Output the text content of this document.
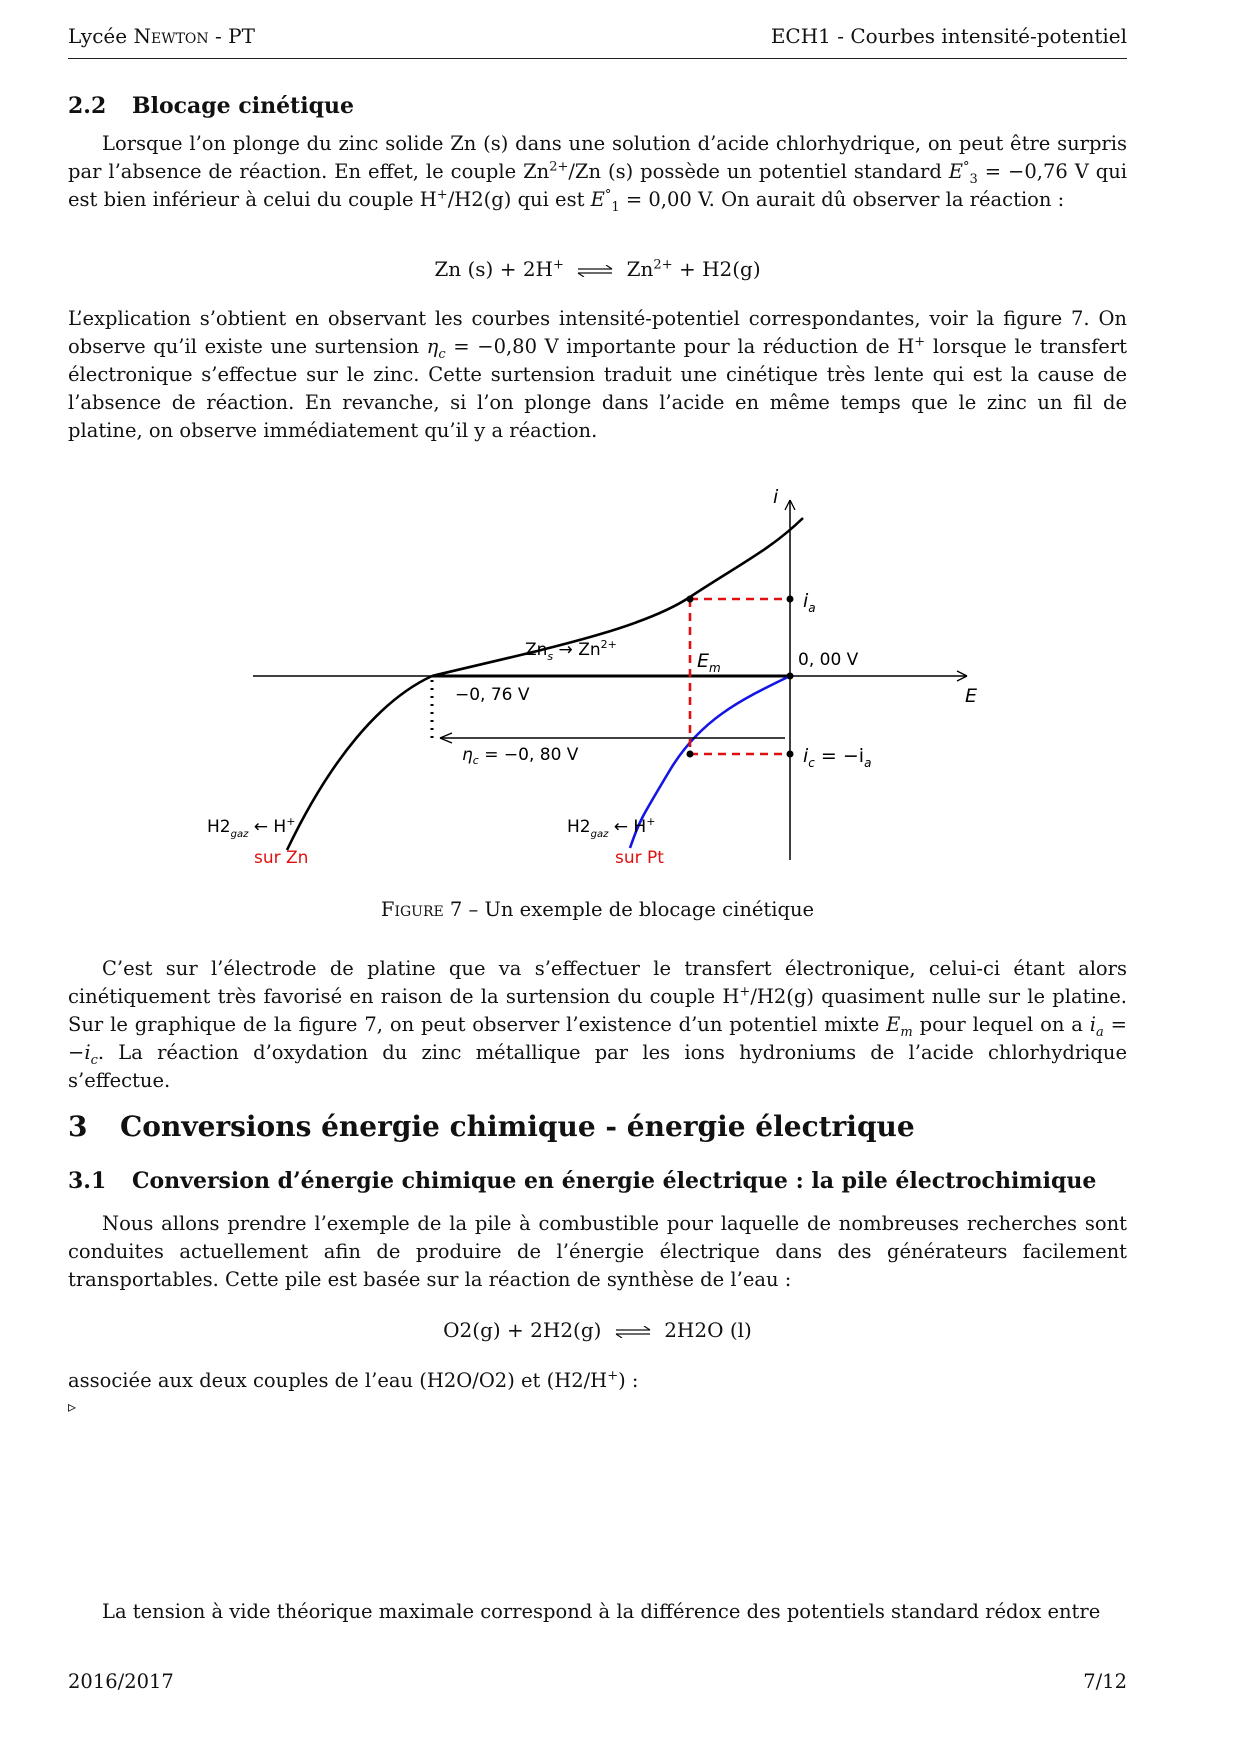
Lycée Newton - PT	ECH1 - Courbes intensité-potentiel
2.2 Blocage cinétique
Lorsque l’on plonge du zinc solide Zn (s) dans une solution d’acide chlorhydrique, on peut être surpris par l’absence de réaction. En effet, le couple $Zn^{2+}/Zn$ (s) possède un potentiel standard $E^\circ_3 = -0,76$ V qui est bien inférieur à celui du couple H+/H2(g) qui est $E^\circ_1 = 0,00$ V. On aurait dû observer la réaction :
Zn (s) + 2H+ ⇌ $Zn^{2+} + H2(g)$
L’explication s’obtient en observant les courbes intensité-potentiel correspondantes, voir la figure 7. On observe qu’il existe une surtension $\eta_c = -0,80$ V importante pour la réduction de H+ lorsque le transfert électronique s’effectue sur le zinc. Cette surtension traduit une cinétique très lente qui est la cause de l’absence de réaction. En revanche, si l’on plonge dans l’acide en même temps que le zinc un fil de platine, on observe immédiatement qu’il y a réaction.
i
E
$i_a$
0, 00 V
$E_m$
−0, 76 V
$\eta_c = -0$, 80 V	$i_c = -i_a$
$Zn_s \to Zn^{2+}$
$H2_{gaz}$ ← H+
sur Zn
$H2_{gaz}$ ← H+
sur Pt
Figure 7 – Un exemple de blocage cinétique
C’est sur l’électrode de platine que va s’effectuer le transfert électronique, celui-ci étant alors cinétiquement très favorisé en raison de la surtension du couple H+/H2(g) quasiment nulle sur le platine. Sur le graphique de la figure 7, on peut observer l’existence d’un potentiel mixte $E_m$ pour lequel on a $i_a = -i_c$. La réaction d’oxydation du zinc métallique par les ions hydroniums de l’acide chlorhydrique s’effectue.
3 Conversions énergie chimique - énergie électrique
3.1 Conversion d’énergie chimique en énergie électrique : la pile électrochimique
Nous allons prendre l’exemple de la pile à combustible pour laquelle de nombreuses recherches sont conduites actuellement afin de produire de l’énergie électrique dans des générateurs facilement transportables. Cette pile est basée sur la réaction de synthèse de l’eau :
O2(g) + 2H2(g) ⇌ 2H2O (l)
associée aux deux couples de l’eau (H2O/O2) et (H2/H+) :
▹
La tension à vide théorique maximale correspond à la différence des potentiels standard rédox entre
2016/2017	7/12
